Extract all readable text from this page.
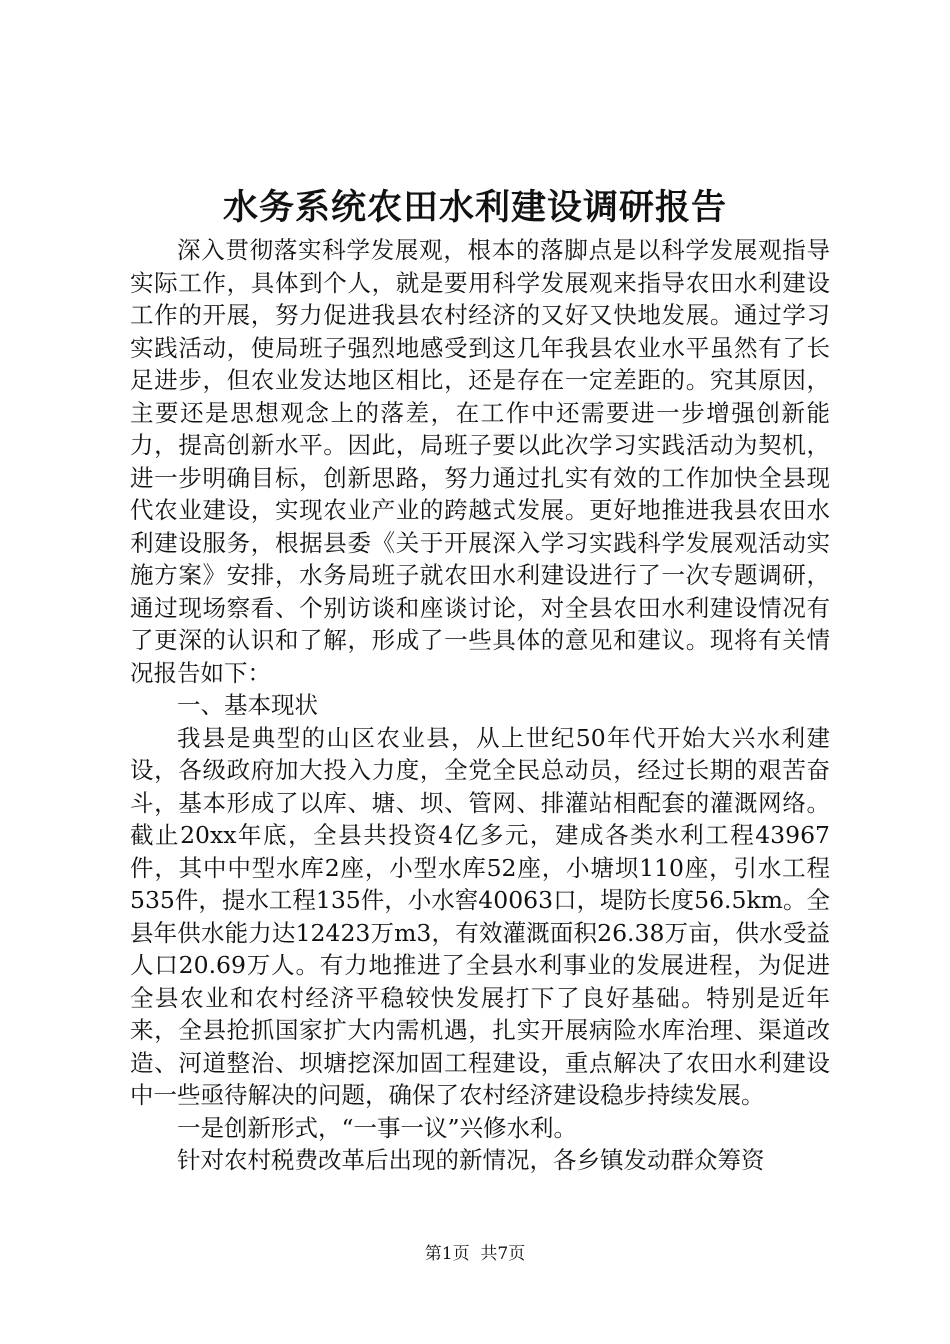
水务系统农田水利建设调研报告

深入贯彻落实科学发展观，根本的落脚点是以科学发展观指导实际工作，具体到个人，就是要用科学发展观来指导农田水利建设工作的开展，努力促进我县农村经济的又好又快地发展。通过学习实践活动，使局班子强烈地感受到这几年我县农业水平虽然有了长足进步，但农业发达地区相比，还是存在一定差距的。究其原因，主要还是思想观念上的落差，在工作中还需要进一步增强创新能力，提高创新水平。因此，局班子要以此次学习实践活动为契机，进一步明确目标，创新思路，努力通过扎实有效的工作加快全县现代农业建设，实现农业产业的跨越式发展。更好地推进我县农田水利建设服务，根据县委《关于开展深入学习实践科学发展观活动实施方案》安排，水务局班子就农田水利建设进行了一次专题调研，通过现场察看、个别访谈和座谈讨论，对全县农田水利建设情况有了更深的认识和了解，形成了一些具体的意见和建议。现将有关情况报告如下：

一、基本现状

我县是典型的山区农业县，从上世纪50年代开始大兴水利建设，各级政府加大投入力度，全党全民总动员，经过长期的艰苦奋斗，基本形成了以库、塘、坝、管网、排灌站相配套的灌溉网络。截止20xx年底，全县共投资4亿多元，建成各类水利工程43967件，其中中型水库2座，小型水库52座，小塘坝110座，引水工程535件，提水工程135件，小水窖40063口，堤防长度56.5km。全县年供水能力达12423万m3，有效灌溉面积26.38万亩，供水受益人口20.69万人。有力地推进了全县水利事业的发展进程，为促进全县农业和农村经济平稳较快发展打下了良好基础。特别是近年来，全县抢抓国家扩大内需机遇，扎实开展病险水库治理、渠道改造、河道整治、坝塘挖深加固工程建设，重点解决了农田水利建设中一些亟待解决的问题，确保了农村经济建设稳步持续发展。

一是创新形式，“一事一议”兴修水利。

针对农村税费改革后出现的新情况，各乡镇发动群众筹资

第1页 共7页
